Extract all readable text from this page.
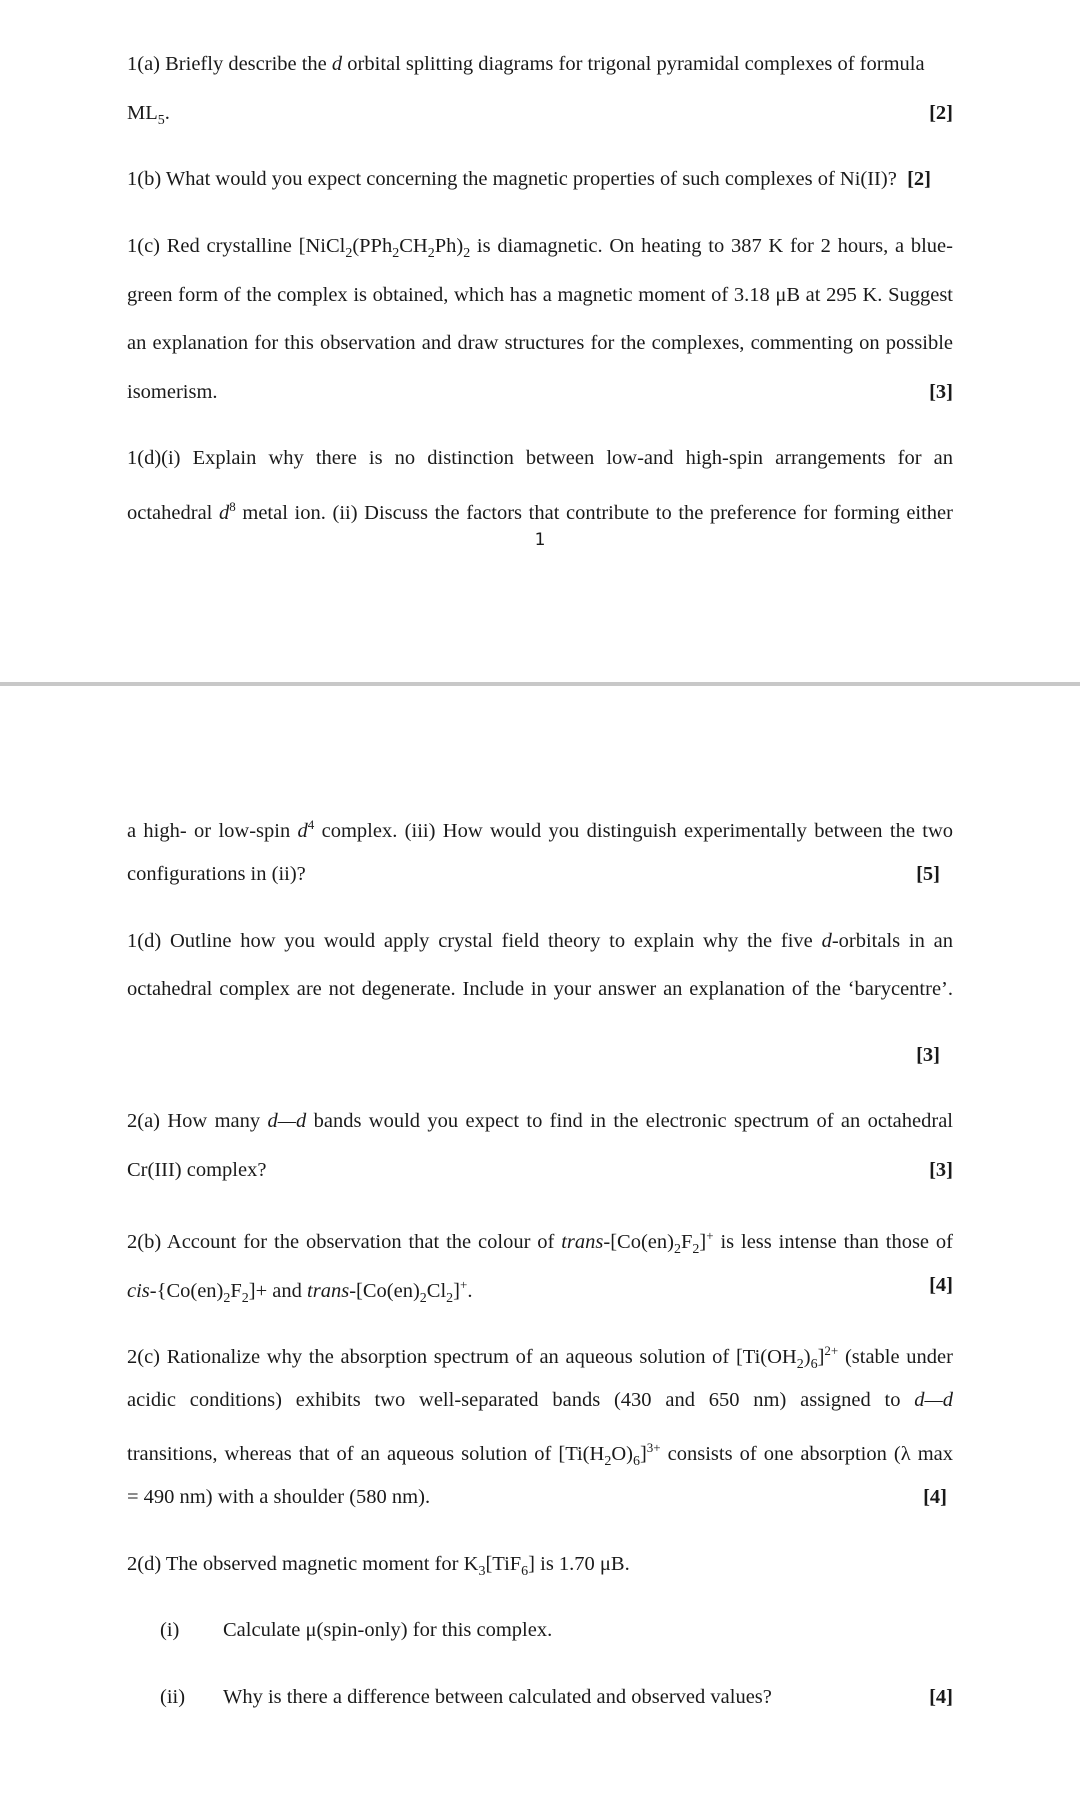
1(a) Briefly describe the d orbital splitting diagrams for trigonal pyramidal complexes of formula
$ML_5$.	[2]
1(b) What would you expect concerning the magnetic properties of such complexes of Ni(II)? [2]
1(c) Red crystalline [$NiCl_2(PPh_2CH_2Ph)_2$ is diamagnetic. On heating to 387 K for 2 hours, a blue-
green form of the complex is obtained, which has a magnetic moment of 3.18 μB at 295 K. Suggest
an explanation for this observation and draw structures for the complexes, commenting on possible
isomerism.	[3]
1(d)(i) Explain why there is no distinction between low-and high-spin arrangements for an
octahedral $d^8$ metal ion. (ii) Discuss the factors that contribute to the preference for forming either
1
a high- or low-spin $d^4$ complex. (iii) How would you distinguish experimentally between the two
configurations in (ii)?	[5]
1(d) Outline how you would apply crystal field theory to explain why the five d-orbitals in an
octahedral complex are not degenerate. Include in your answer an explanation of the ‘barycentre’.
[3]
2(a) How many d—d bands would you expect to find in the electronic spectrum of an octahedral
Cr(III) complex?	[3]
2(b) Account for the observation that the colour of trans-$[Co(en)_2F_2]^+$ is less intense than those of
cis-$\{Co(en)_2F_2]+$ and trans-$[Co(en)_2Cl_2]^+$.	[4]
2(c) Rationalize why the absorption spectrum of an aqueous solution of $[Ti(OH_2)_6]^{2+}$ (stable under
acidic conditions) exhibits two well-separated bands (430 and 650 nm) assigned to d—d
transitions, whereas that of an aqueous solution of $[Ti(H_2O)_6]^{3+}$ consists of one absorption (λ max
= 490 nm) with a shoulder (580 nm).	[4]
2(d) The observed magnetic moment for $K_3[TiF_6]$ is 1.70 μB.
(i) Calculate μ(spin-only) for this complex.
(ii) Why is there a difference between calculated and observed values?	[4]
